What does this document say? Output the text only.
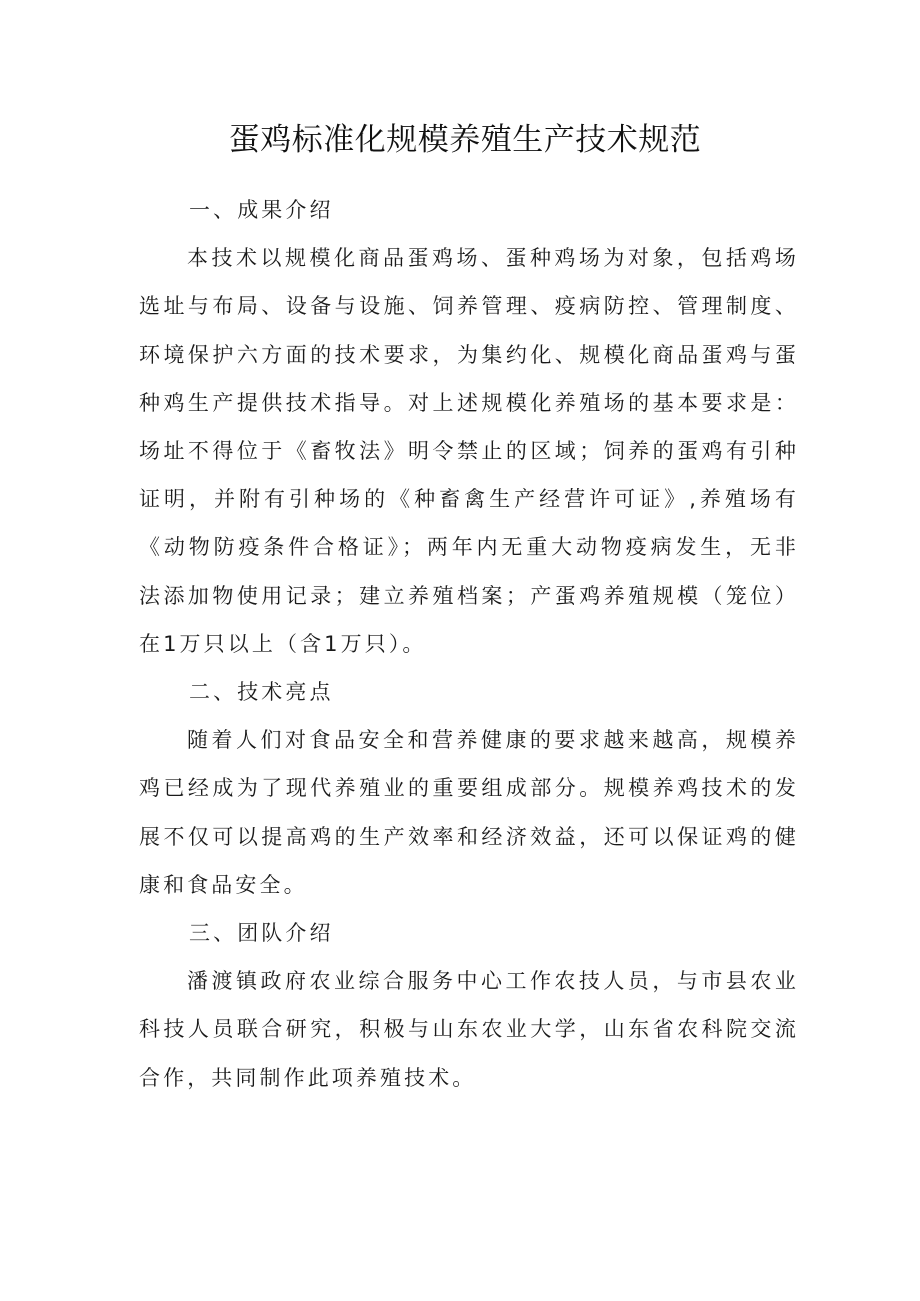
蛋鸡标准化规模养殖生产技术规范
一、成果介绍

本技术以规模化商品蛋鸡场、蛋种鸡场为对象，包括鸡场选址与布局、设备与设施、饲养管理、疫病防控、管理制度、环境保护六方面的技术要求，为集约化、规模化商品蛋鸡与蛋种鸡生产提供技术指导。对上述规模化养殖场的基本要求是：场址不得位于《畜牧法》明令禁止的区域；饲养的蛋鸡有引种证明，并附有引种场的《种畜禽生产经营许可证》,养殖场有《动物防疫条件合格证》；两年内无重大动物疫病发生，无非法添加物使用记录；建立养殖档案；产蛋鸡养殖规模（笼位）在1万只以上（含1万只）。

二、技术亮点

随着人们对食品安全和营养健康的要求越来越高，规模养鸡已经成为了现代养殖业的重要组成部分。规模养鸡技术的发展不仅可以提高鸡的生产效率和经济效益，还可以保证鸡的健康和食品安全。

三、团队介绍

潘渡镇政府农业综合服务中心工作农技人员，与市县农业科技人员联合研究，积极与山东农业大学，山东省农科院交流合作，共同制作此项养殖技术。
